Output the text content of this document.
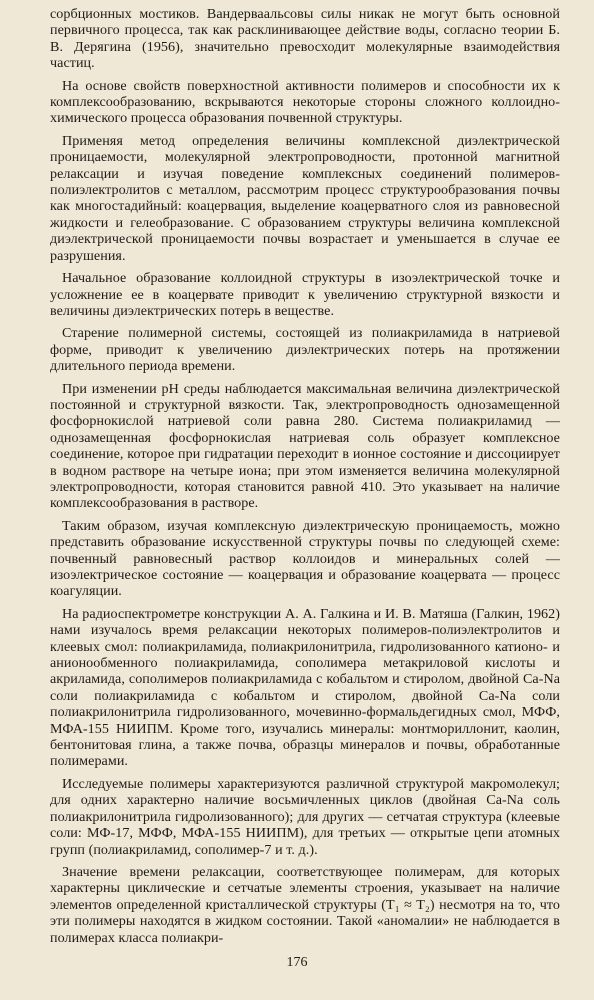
сорбционных мостиков. Вандерваальсовы силы никак не могут быть основной первичного процесса, так как расклинивающее действие воды, согласно теории Б. В. Дерягина (1956), значительно превосходит молекулярные взаимодействия частиц.

На основе свойств поверхностной активности полимеров и способности их к комплексообразованию, вскрываются некоторые стороны сложного коллоидно-химического процесса образования почвенной структуры.

Применяя метод определения величины комплексной диэлектрической проницаемости, молекулярной электропроводности, протонной магнитной релаксации и изучая поведение комплексных соединений полимеров-полиэлектролитов с металлом, рассмотрим процесс структурообразования почвы как многостадийный: коацервация, выделение коацерватного слоя из равновесной жидкости и гелеобразование. С образованием структуры величина комплексной диэлектрической проницаемости почвы возрастает и уменьшается в случае ее разрушения.

Начальное образование коллоидной структуры в изоэлектрической точке и усложнение ее в коацервате приводит к увеличению структурной вязкости и величины диэлектрических потерь в веществе.

Старение полимерной системы, состоящей из полиакриламида в натриевой форме, приводит к увеличению диэлектрических потерь на протяжении длительного периода времени.

При изменении pH среды наблюдается максимальная величина диэлектрической постоянной и структурной вязкости. Так, электропроводность однозамещенной фосфорнокислой натриевой соли равна 280. Система полиакриламид — однозамещенная фосфорнокислая натриевая соль образует комплексное соединение, которое при гидратации переходит в ионное состояние и диссоциирует в водном растворе на четыре иона; при этом изменяется величина молекулярной электропроводности, которая становится равной 410. Это указывает на наличие комплексообразования в растворе.

Таким образом, изучая комплексную диэлектрическую проницаемость, можно представить образование искусственной структуры почвы по следующей схеме: почвенный равновесный раствор коллоидов и минеральных солей — изоэлектрическое состояние — коацервация и образование коацервата — процесс коагуляции.

На радиоспектрометре конструкции А. А. Галкина и И. В. Матяша (Галкин, 1962) нами изучалось время релаксации некоторых полимеров-полиэлектролитов и клеевых смол: полиакриламида, полиакрилонитрила, гидролизованного катионо- и анионообменного полиакриламида, сополимера метакриловой кислоты и акриламида, сополимеров полиакриламида с кобальтом и стиролом, двойной Ca-Na соли полиакриламида с кобальтом и стиролом, двойной Ca-Na соли полиакрилонитрила гидролизованного, мочевинно-формальдегидных смол, МФФ, МФА-155 НИИПМ. Кроме того, изучались минералы: монтмориллонит, каолин, бентонитовая глина, а также почва, образцы минералов и почвы, обработанные полимерами.

Исследуемые полимеры характеризуются различной структурой макромолекул; для одних характерно наличие восьмичленных циклов (двойная Ca-Na соль полиакрилонитрила гидролизованного); для других — сетчатая структура (клеевые соли: МФ-17, МФФ, МФА-155 НИИПМ), для третьих — открытые цепи атомных групп (полиакриламид, сополимер-7 и т. д.).

Значение времени релаксации, соответствующее полимерам, для которых характерны циклические и сетчатые элементы строения, указывает на наличие элементов определенной кристаллической структуры (T₁ ≈ T₂) несмотря на то, что эти полимеры находятся в жидком состоянии. Такой «аномалии» не наблюдается в полимерах класса полиакри-

176
